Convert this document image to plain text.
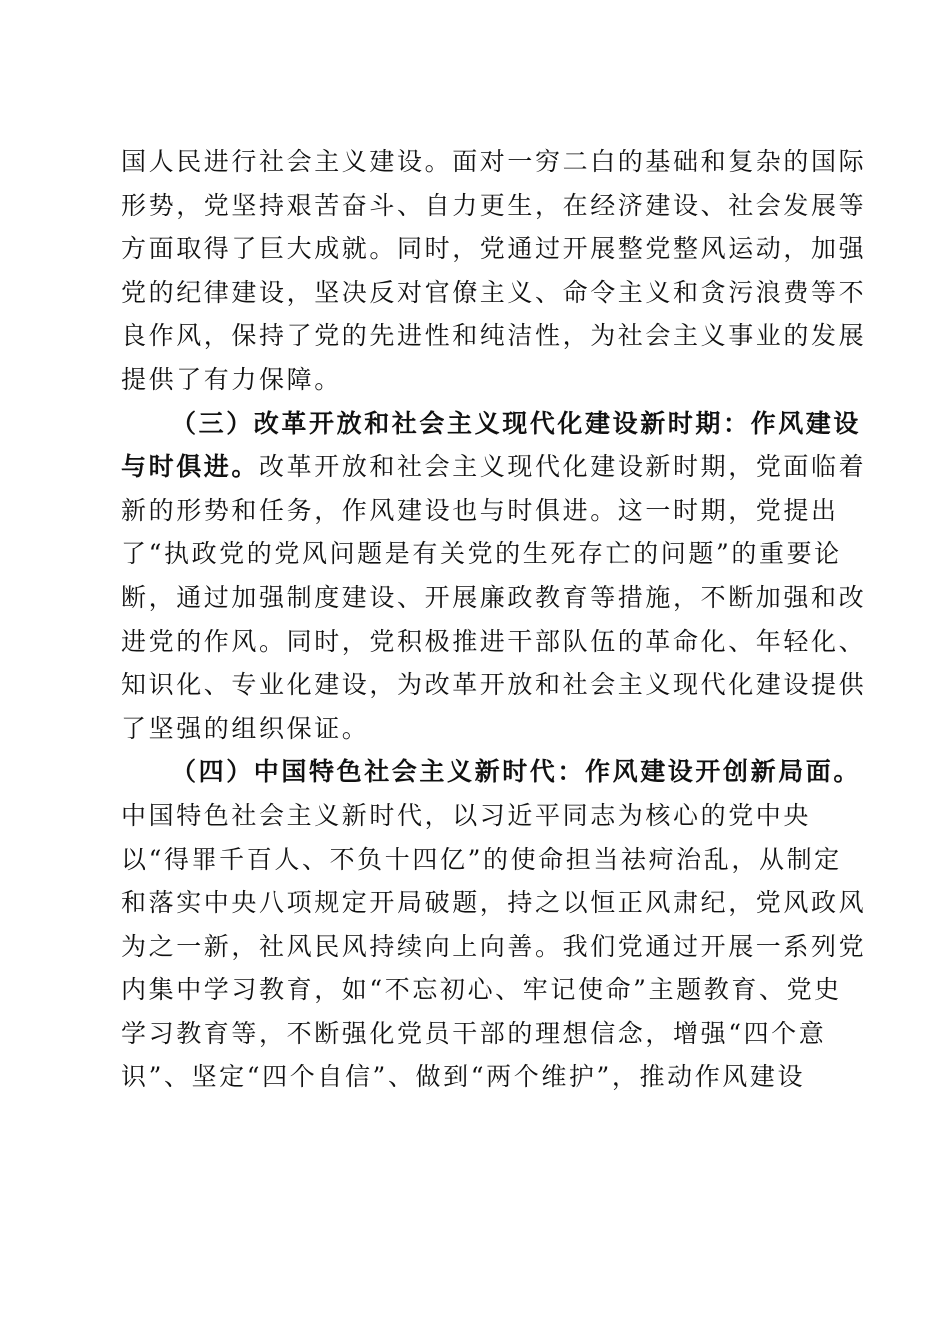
国人民进行社会主义建设。面对一穷二白的基础和复杂的国际
形势，党坚持艰苦奋斗、自力更生，在经济建设、社会发展等
方面取得了巨大成就。同时，党通过开展整党整风运动，加强
党的纪律建设，坚决反对官僚主义、命令主义和贪污浪费等不
良作风，保持了党的先进性和纯洁性，为社会主义事业的发展
提供了有力保障。
（三）改革开放和社会主义现代化建设新时期：作风建设
与时俱进。改革开放和社会主义现代化建设新时期，党面临着
新的形势和任务，作风建设也与时俱进。这一时期，党提出
了“执政党的党风问题是有关党的生死存亡的问题”的重要论
断，通过加强制度建设、开展廉政教育等措施，不断加强和改
进党的作风。同时，党积极推进干部队伍的革命化、年轻化、
知识化、专业化建设，为改革开放和社会主义现代化建设提供
了坚强的组织保证。
（四）中国特色社会主义新时代：作风建设开创新局面。
中国特色社会主义新时代，以习近平同志为核心的党中央
以“得罪千百人、不负十四亿”的使命担当祛疴治乱，从制定
和落实中央八项规定开局破题，持之以恒正风肃纪，党风政风
为之一新，社风民风持续向上向善。我们党通过开展一系列党
内集中学习教育，如“不忘初心、牢记使命”主题教育、党史
学习教育等，不断强化党员干部的理想信念，增强“四个意
识”、坚定“四个自信”、做到“两个维护”，推动作风建设
